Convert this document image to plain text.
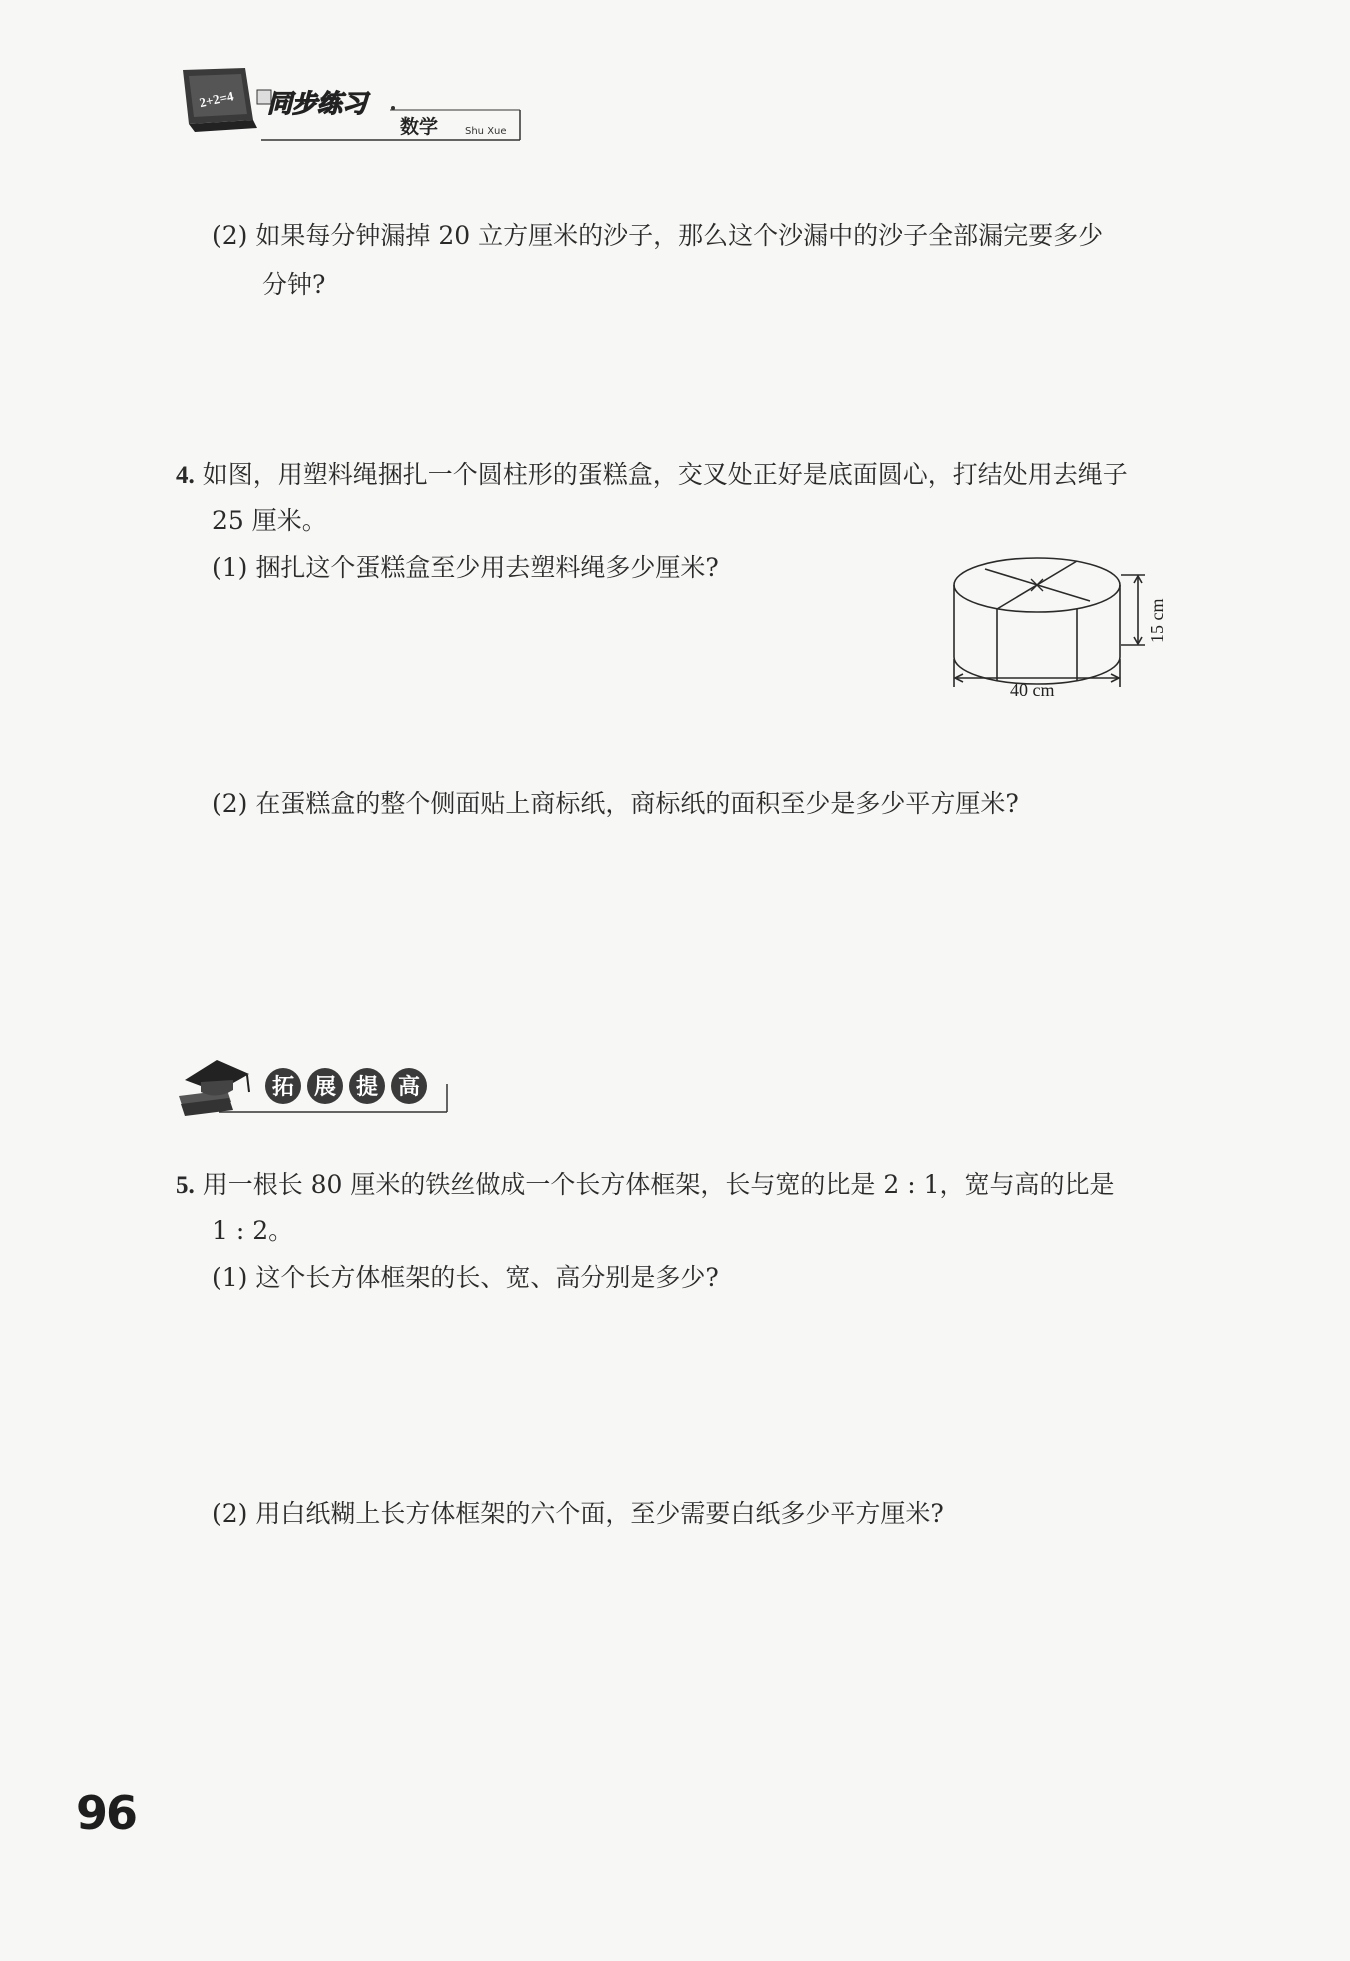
2+2=4 同步练习
数学	Shu Xue
(2) 如果每分钟漏掉 20 立方厘米的沙子，那么这个沙漏中的沙子全部漏完要多少
分钟?
4. 如图，用塑料绳捆扎一个圆柱形的蛋糕盒，交叉处正好是底面圆心，打结处用去绳子
25 厘米。
(1) 捆扎这个蛋糕盒至少用去塑料绳多少厘米?
40 cm
15 cm
(2) 在蛋糕盒的整个侧面贴上商标纸，商标纸的面积至少是多少平方厘米?
拓 展 提 高
5. 用一根长 80 厘米的铁丝做成一个长方体框架，长与宽的比是 2 : 1，宽与高的比是
1 : 2。
(1) 这个长方体框架的长、宽、高分别是多少?
(2) 用白纸糊上长方体框架的六个面，至少需要白纸多少平方厘米?
96
